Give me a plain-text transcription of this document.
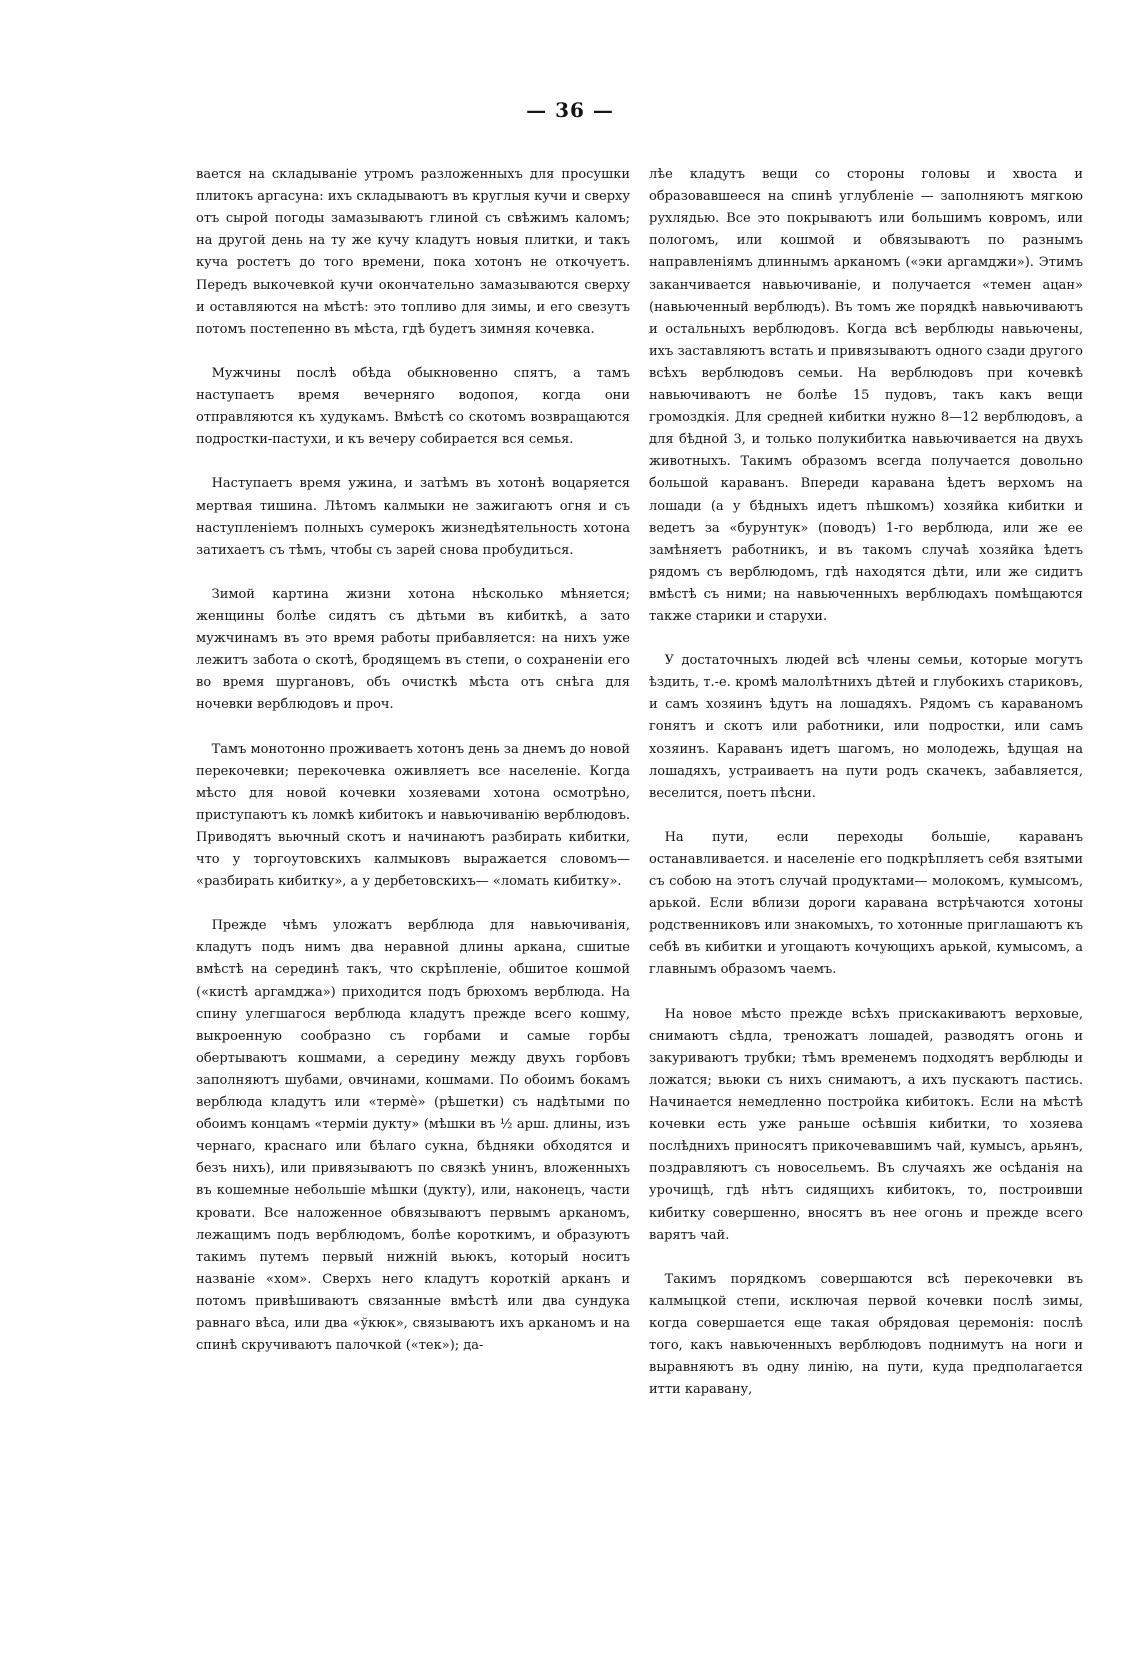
— 36 —

вается на складываніе утромъ разложенныхъ для просушки плитокъ аргасуна: ихъ складываютъ въ круглыя кучи и сверху отъ сырой погоды замазываютъ глиной съ свѣжимъ каломъ; на другой день на ту же кучу кладутъ новыя плитки, и такъ куча ростетъ до того времени, пока хотонъ не откочуетъ. Передъ выкочевкой кучи окончательно замазываются сверху и оставляются на мѣстѣ: это топливо для зимы, и его свезутъ потомъ постепенно въ мѣста, гдѣ будетъ зимняя кочевка.

Мужчины послѣ обѣда обыкновенно спятъ, а тамъ наступаетъ время вечерняго водопоя, когда они отправляются къ худукамъ. Вмѣстѣ со скотомъ возвращаются подростки-пастухи, и къ вечеру собирается вся семья.

Наступаетъ время ужина, и затѣмъ въ хотонѣ воцаряется мертвая тишина. Лѣтомъ калмыки не зажигаютъ огня и съ наступленіемъ полныхъ сумерокъ жизнедѣятельность хотона затихаетъ съ тѣмъ, чтобы съ зарей снова пробудиться.

Зимой картина жизни хотона нѣсколько мѣняется; женщины болѣе сидятъ съ дѣтьми въ кибиткѣ, а зато мужчинамъ въ это время работы прибавляется: на нихъ уже лежитъ забота о скотѣ, бродящемъ въ степи, о сохраненіи его во время шургановъ, объ очисткѣ мѣста отъ снѣга для ночевки верблюдовъ и проч.

Тамъ монотонно проживаетъ хотонъ день за днемъ до новой перекочевки; перекочевка оживляетъ все населеніе. Когда мѣсто для новой кочевки хозяевами хотона осмотрѣно, приступаютъ къ ломкѣ кибитокъ и навьючиванію верблюдовъ. Приводятъ вьючный скотъ и начинаютъ разбирать кибитки, что у торгоутовскихъ калмыковъ выражается словомъ— «разбирать кибитку», а у дербетовскихъ— «ломать кибитку».

Прежде чѣмъ уложатъ верблюда для навьючиванія, кладутъ подъ нимъ два неравной длины аркана, сшитые вмѣстѣ на серединѣ такъ, что скрѣпленіе, обшитое кошмой («кистѣ аргамджа») приходится подъ брюхомъ верблюда. На спину улегшагося верблюда кладутъ прежде всего кошму, выкроенную сообразно съ горбами и самые горбы обертываютъ кошмами, а середину между двухъ горбовъ заполняютъ шубами, овчинами, кошмами. По обоимъ бокамъ верблюда кладутъ или «термѐ» (рѣшетки) съ надѣтыми по обоимъ концамъ «терміи дукту» (мѣшки въ ½ арш. длины, изъ чернаго, краснаго или бѣлаго сукна, бѣдняки обходятся и безъ нихъ), или привязываютъ по связкѣ унинъ, вложенныхъ въ кошемные небольшіе мѣшки (дукту), или, наконецъ, части кровати. Все наложенное обвязываютъ первымъ арканомъ, лежащимъ подъ верблюдомъ, болѣе короткимъ, и образуютъ такимъ путемъ первый нижній вьюкъ, который носитъ названіе «хом». Сверхъ него кладутъ короткій арканъ и потомъ привѣшиваютъ связанные вмѣстѣ или два сундука равнаго вѣса, или два «ўкюк», связываютъ ихъ арканомъ и на спинѣ скручиваютъ палочкой («тек»); да-

лѣе кладутъ вещи со стороны головы и хвоста и образовавшееся на спинѣ углубленіе — заполняютъ мягкою рухлядью. Все это покрываютъ или большимъ ковромъ, или пологомъ, или кошмой и обвязываютъ по разнымъ направленіямъ длиннымъ арканомъ («эки аргамджи»). Этимъ заканчивается навьючиваніе, и получается «темен ацан» (навьюченный верблюдъ). Въ томъ же порядкѣ навьючиваютъ и остальныхъ верблюдовъ. Когда всѣ верблюды навьючены, ихъ заставляютъ встать и привязываютъ одного сзади другого всѣхъ верблюдовъ семьи. На верблюдовъ при кочевкѣ навьючиваютъ не болѣе 15 пудовъ, такъ какъ вещи громоздкія. Для средней кибитки нужно 8—12 верблюдовъ, а для бѣдной 3, и только полукибитка навьючивается на двухъ животныхъ. Такимъ образомъ всегда получается довольно большой караванъ. Впереди каравана ѣдетъ верхомъ на лошади (а у бѣдныхъ идетъ пѣшкомъ) хозяйка кибитки и ведетъ за «бурунтук» (поводъ) 1-го верблюда, или же ее замѣняетъ работникъ, и въ такомъ случаѣ хозяйка ѣдетъ рядомъ съ верблюдомъ, гдѣ находятся дѣти, или же сидитъ вмѣстѣ съ ними; на навьюченныхъ верблюдахъ помѣщаются также старики и старухи.

У достаточныхъ людей всѣ члены семьи, которые могутъ ѣздить, т.-е. кромѣ малолѣтнихъ дѣтей и глубокихъ стариковъ, и самъ хозяинъ ѣдутъ на лошадяхъ. Рядомъ съ караваномъ гонятъ и скотъ или работники, или подростки, или самъ хозяинъ. Караванъ идетъ шагомъ, но молодежь, ѣдущая на лошадяхъ, устраиваетъ на пути родъ скачекъ, забавляется, веселится, поетъ пѣсни.

На пути, если переходы большіе, караванъ останавливается. и населеніе его подкрѣпляетъ себя взятыми съ собою на этотъ случай продуктами— молокомъ, кумысомъ, арькой. Если вблизи дороги каравана встрѣчаются хотоны родственниковъ или знакомыхъ, то хотонные приглашаютъ къ себѣ въ кибитки и угощаютъ кочующихъ арькой, кумысомъ, а главнымъ образомъ чаемъ.

На новое мѣсто прежде всѣхъ прискакиваютъ верховые, снимаютъ сѣдла, треножатъ лошадей, разводятъ огонь и закуриваютъ трубки; тѣмъ временемъ подходятъ верблюды и ложатся; вьюки съ нихъ снимаютъ, а ихъ пускаютъ пастись. Начинается немедленно постройка кибитокъ. Если на мѣстѣ кочевки есть уже раньше осѣвшія кибитки, то хозяева послѣднихъ приносятъ прикочевавшимъ чай, кумысъ, арьянъ, поздравляютъ съ новосельемъ. Въ случаяхъ же осѣданія на урочищѣ, гдѣ нѣтъ сидящихъ кибитокъ, то, построивши кибитку совершенно, вносятъ въ нее огонь и прежде всего варятъ чай.

Такимъ порядкомъ совершаются всѣ перекочевки въ калмыцкой степи, исключая первой кочевки послѣ зимы, когда совершается еще такая обрядовая церемонія: послѣ того, какъ навьюченныхъ верблюдовъ поднимутъ на ноги и выравняютъ въ одну линію, на пути, куда предполагается итти каравану,
